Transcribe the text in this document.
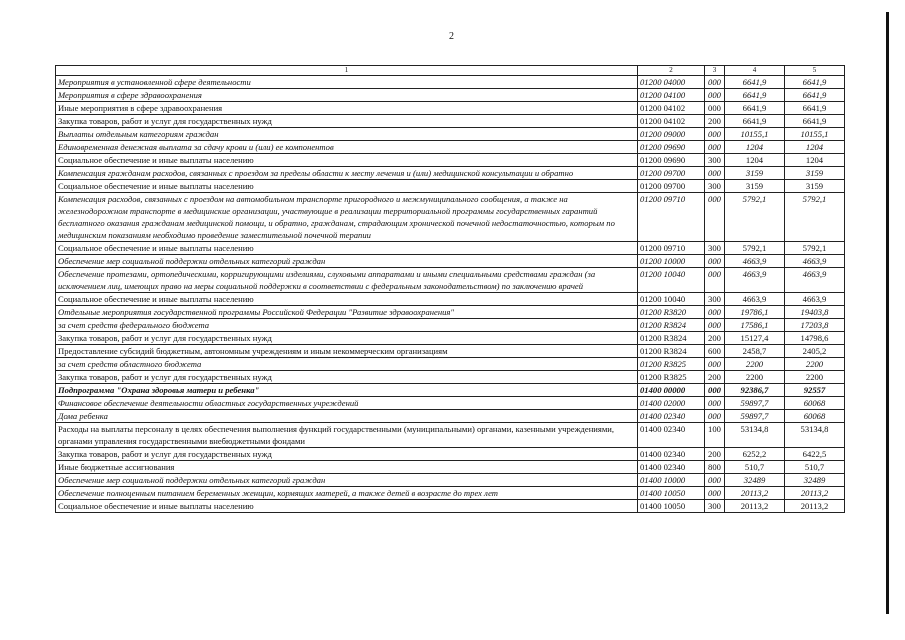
2
1	2	3	4	5
Мероприятия в установленной сфере деятельности	01200 04000	000	6641,9	6641,9
Мероприятия в сфере здравоохранения	01200 04100	000	6641,9	6641,9
Иные мероприятия в сфере здравоохранения	01200 04102	000	6641,9	6641,9
Закупка товаров, работ и услуг для государственных нужд	01200 04102	200	6641,9	6641,9
Выплаты отдельным категориям граждан	01200 09000	000	10155,1	10155,1
Единовременная денежная выплата за сдачу крови и (или) ее компонентов	01200 09690	000	1204	1204
Социальное обеспечение и иные выплаты населению	01200 09690	300	1204	1204
Компенсация гражданам расходов, связанных с проездом за пределы области к месту лечения и (или) медицинской консультации и обратно	01200 09700	000	3159	3159
Социальное обеспечение и иные выплаты населению	01200 09700	300	3159	3159
Компенсация расходов, связанных с проездом на автомобильном транспорте пригородного и межмуниципального сообщения, а также на железнодорожном транспорте в медицинские организации, участвующие в реализации территориальной программы государственных гарантий бесплатного оказания гражданам медицинской помощи, и обратно, гражданам, страдающим хронической почечной недостаточностью, которым по медицинским показаниям необходимо проведение заместительной почечной терапии	01200 09710	000	5792,1	5792,1
Социальное обеспечение и иные выплаты населению	01200 09710	300	5792,1	5792,1
Обеспечение мер социальной поддержки отдельных категорий граждан	01200 10000	000	4663,9	4663,9
Обеспечение протезами, ортопедическими, корригирующими изделиями, слуховыми аппаратами и иными специальными средствами граждан (за исключением лиц, имеющих право на меры социальной поддержки в соответствии с федеральным законодательством) по заключению врачей	01200 10040	000	4663,9	4663,9
Социальное обеспечение и иные выплаты населению	01200 10040	300	4663,9	4663,9
Отдельные мероприятия государственной программы Российской Федерации "Развитие здравоохранения"	01200 R3820	000	19786,1	19403,8
за счет средств федерального бюджета	01200 R3824	000	17586,1	17203,8
Закупка товаров, работ и услуг для государственных нужд	01200 R3824	200	15127,4	14798,6
Предоставление субсидий бюджетным, автономным учреждениям и иным некоммерческим организациям	01200 R3824	600	2458,7	2405,2
за счет средств областного бюджета	01200 R3825	000	2200	2200
Закупка товаров, работ и услуг для государственных нужд	01200 R3825	200	2200	2200
Подпрограмма "Охрана здоровья матери и ребенка"	01400 00000	000	92386,7	92557
Финансовое обеспечение деятельности областных государственных учреждений	01400 02000	000	59897,7	60068
Дома ребенка	01400 02340	000	59897,7	60068
Расходы на выплаты персоналу в целях обеспечения выполнения функций государственными (муниципальными) органами, казенными учреждениями, органами управления государственными внебюджетными фондами	01400 02340	100	53134,8	53134,8
Закупка товаров, работ и услуг для государственных нужд	01400 02340	200	6252,2	6422,5
Иные бюджетные ассигнования	01400 02340	800	510,7	510,7
Обеспечение мер социальной поддержки отдельных категорий граждан	01400 10000	000	32489	32489
Обеспечение полноценным питанием беременных женщин, кормящих матерей, а также детей в возрасте до трех лет	01400 10050	000	20113,2	20113,2
Социальное обеспечение и иные выплаты населению	01400 10050	300	20113,2	20113,2
